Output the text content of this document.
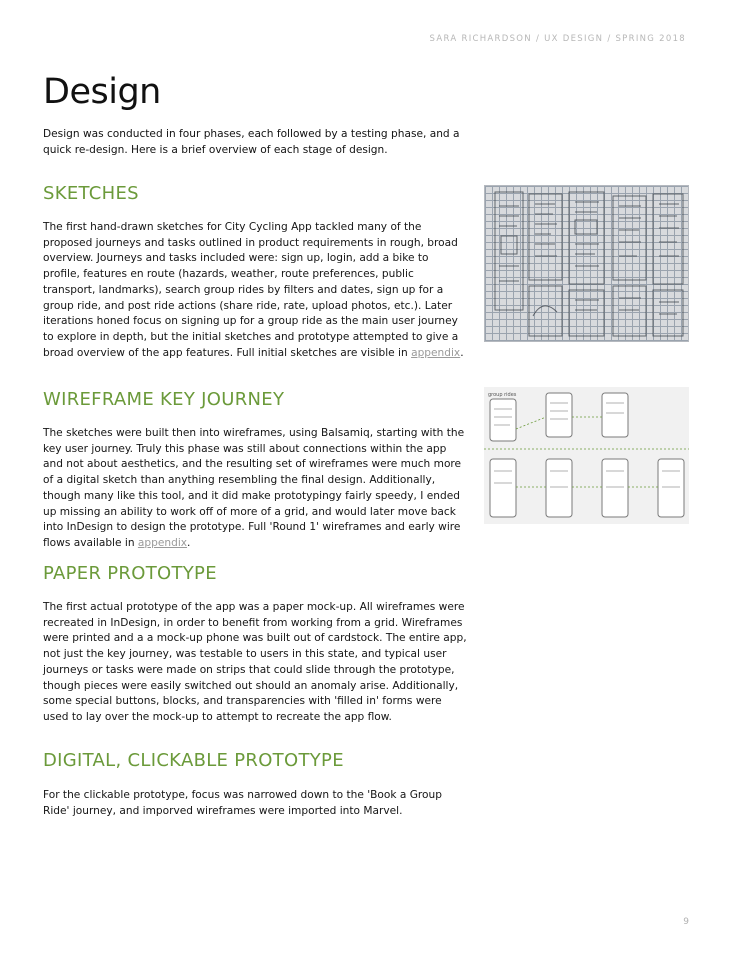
SARA RICHARDSON / UX DESIGN / SPRING 2018
Design

Design was conducted in four phases, each followed by a testing phase, and a quick re-design. Here is a brief overview of each stage of design.

SKETCHES

The first hand-drawn sketches for City Cycling App tackled many of the proposed journeys and tasks outlined in product requirements in rough, broad overview. Journeys and tasks included were: sign up, login, add a bike to profile, features en route (hazards, weather, route preferences, public transport, landmarks), search group rides by filters and dates, sign up for a group ride, and post ride actions (share ride, rate, upload photos, etc.). Later iterations honed focus on signing up for a group ride as the main user journey to explore in depth, but the initial sketches and prototype attempted to give a broad overview of the app features. Full initial sketches are visible in appendix.

WIREFRAME KEY JOURNEY

The sketches were built then into wireframes, using Balsamiq, starting with the key user journey. Truly this phase was still about connections within the app and not about aesthetics, and the resulting set of wireframes were much more of a digital sketch than anything resembling the final design. Additionally, though many like this tool, and it did make prototypingy fairly speedy, I ended up missing an ability to work off of more of a grid, and would later move back into InDesign to design the prototype. Full 'Round 1' wireframes and early wire flows available in appendix.

group rides
PAPER PROTOTYPE

The first actual prototype of the app was a paper mock-up. All wireframes were recreated in InDesign, in order to benefit from working from a grid. Wireframes were printed and a a mock-up phone was built out of cardstock. The entire app, not just the key journey, was testable to users in this state, and typical user journeys or tasks were made on strips that could slide through the prototype, though pieces were easily switched out should an anomaly arise. Additionally, some special buttons, blocks, and transparencies with 'filled in' forms were used to lay over the mock-up to attempt to recreate the app flow.

DIGITAL, CLICKABLE PROTOTYPE

For the clickable prototype, focus was narrowed down to the 'Book a Group Ride' journey, and imporved wireframes were imported into Marvel.

9
